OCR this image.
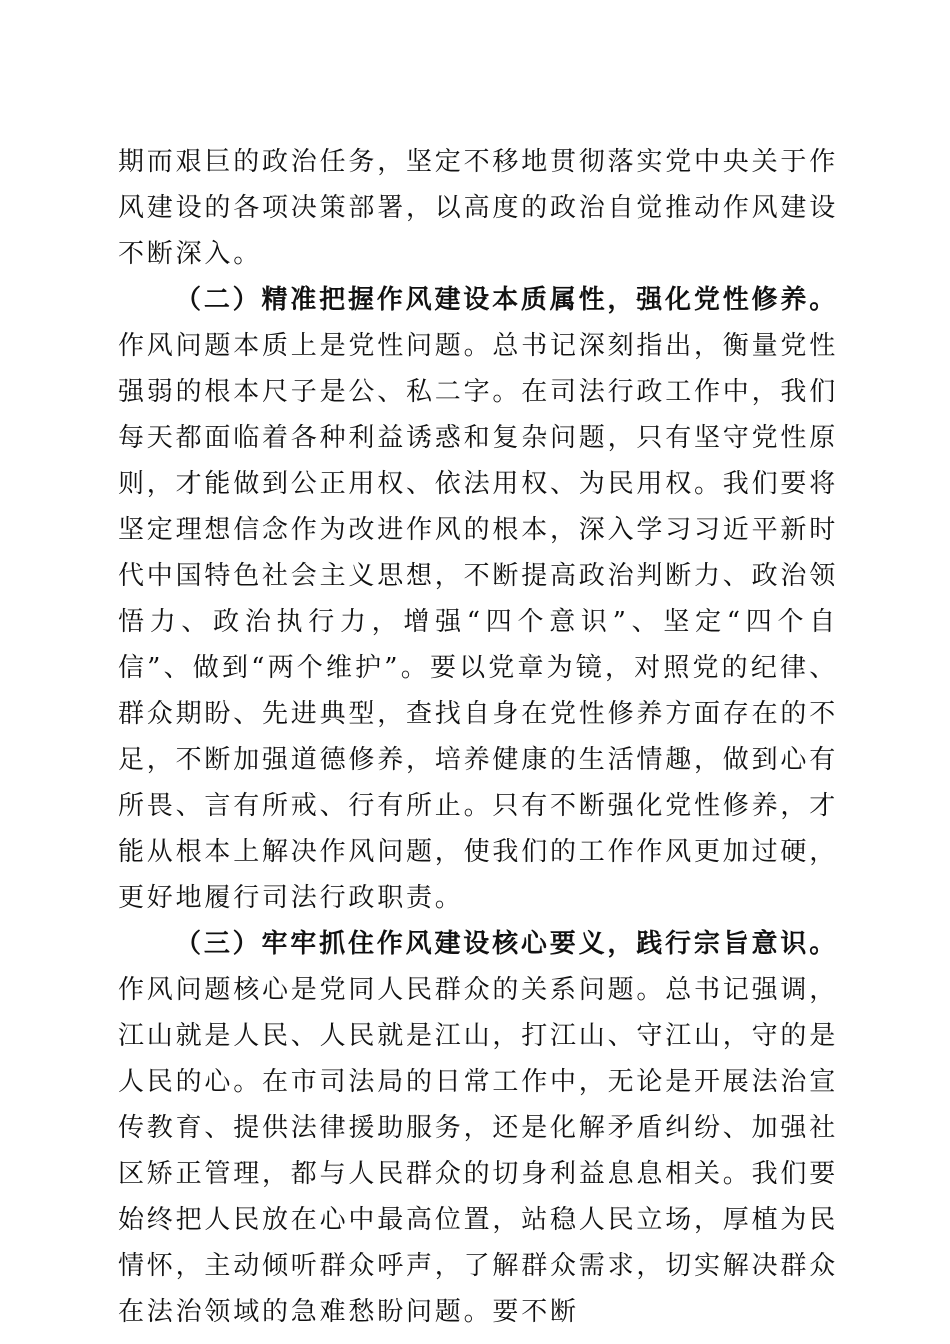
期而艰巨的政治任务，坚定不移地贯彻落实党中央关于作风建设的各项决策部署，以高度的政治自觉推动作风建设不断深入。

（二）精准把握作风建设本质属性，强化党性修养。作风问题本质上是党性问题。总书记深刻指出，衡量党性强弱的根本尺子是公、私二字。在司法行政工作中，我们每天都面临着各种利益诱惑和复杂问题，只有坚守党性原则，才能做到公正用权、依法用权、为民用权。我们要将坚定理想信念作为改进作风的根本，深入学习习近平新时代中国特色社会主义思想，不断提高政治判断力、政治领悟力、政治执行力，增强“四个意识”、坚定“四个自信”、做到“两个维护”。要以党章为镜，对照党的纪律、群众期盼、先进典型，查找自身在党性修养方面存在的不足，不断加强道德修养，培养健康的生活情趣，做到心有所畏、言有所戒、行有所止。只有不断强化党性修养，才能从根本上解决作风问题，使我们的工作作风更加过硬，更好地履行司法行政职责。

（三）牢牢抓住作风建设核心要义，践行宗旨意识。作风问题核心是党同人民群众的关系问题。总书记强调，江山就是人民、人民就是江山，打江山、守江山，守的是人民的心。在市司法局的日常工作中，无论是开展法治宣传教育、提供法律援助服务，还是化解矛盾纠纷、加强社区矫正管理，都与人民群众的切身利益息息相关。我们要始终把人民放在心中最高位置，站稳人民立场，厚植为民情怀，主动倾听群众呼声，了解群众需求，切实解决群众在法治领域的急难愁盼问题。要不断
